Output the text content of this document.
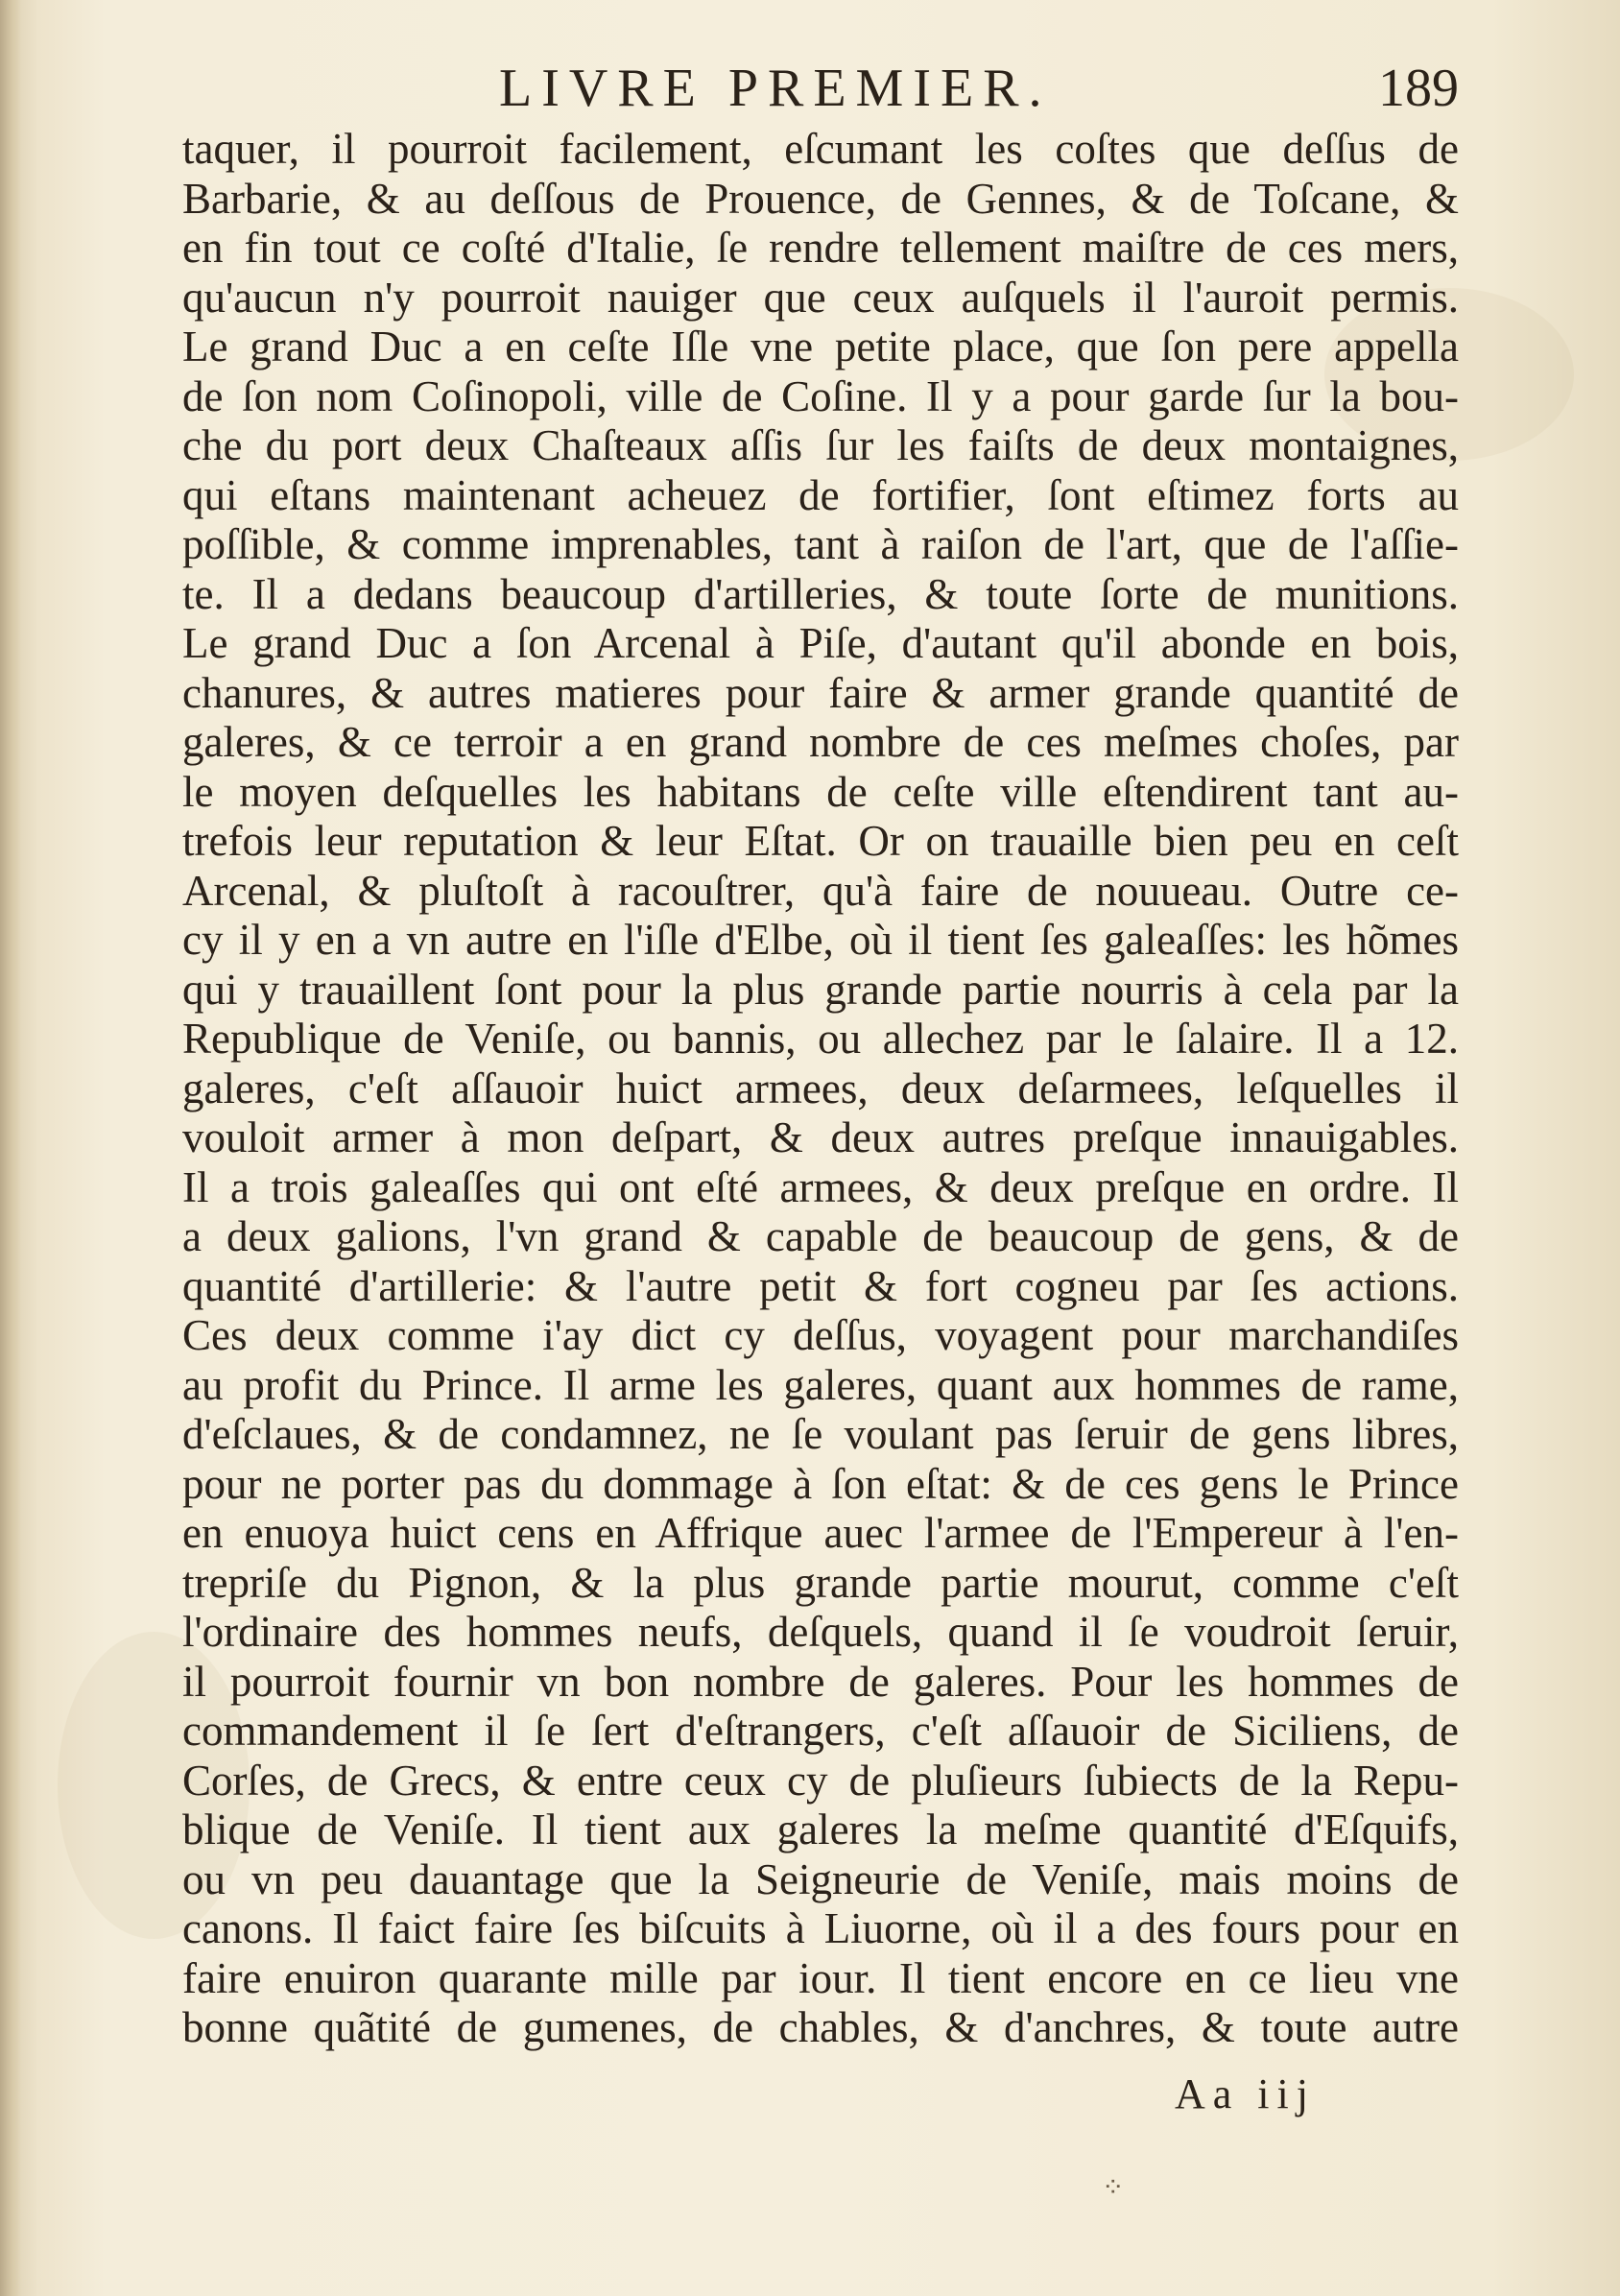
LIVRE PREMIER.	189
taquer, il pourroit facilement, eſcumant les coſtes que deſſus de
Barbarie, & au deſſous de Prouence, de Gennes, & de Toſcane, &
en fin tout ce coſté d'Italie, ſe rendre tellement maiſtre de ces mers,
qu'aucun n'y pourroit nauiger que ceux auſquels il l'auroit permis.
Le grand Duc a en ceſte Iſle vne petite place, que ſon pere appella
de ſon nom Coſinopoli, ville de Coſine. Il y a pour garde ſur la bou-
che du port deux Chaſteaux aſſis ſur les faiſts de deux montaignes,
qui eſtans maintenant acheuez de fortifier, ſont eſtimez forts au
poſſible, & comme imprenables, tant à raiſon de l'art, que de l'aſſie-
te. Il a dedans beaucoup d'artilleries, & toute ſorte de munitions.
Le grand Duc a ſon Arcenal à Piſe, d'autant qu'il abonde en bois,
chanures, & autres matieres pour faire & armer grande quantité de
galeres, & ce terroir a en grand nombre de ces meſmes choſes, par
le moyen deſquelles les habitans de ceſte ville eſtendirent tant au-
trefois leur reputation & leur Eſtat. Or on trauaille bien peu en ceſt
Arcenal, & pluſtoſt à racouſtrer, qu'à faire de nouueau. Outre ce-
cy il y en a vn autre en l'iſle d'Elbe, où il tient ſes galeaſſes: les hõmes
qui y trauaillent ſont pour la plus grande partie nourris à cela par la
Republique de Veniſe, ou bannis, ou allechez par le ſalaire. Il a 12.
galeres, c'eſt aſſauoir huict armees, deux deſarmees, leſquelles il
vouloit armer à mon deſpart, & deux autres preſque innauigables.
Il a trois galeaſſes qui ont eſté armees, & deux preſque en ordre. Il
a deux galions, l'vn grand & capable de beaucoup de gens, & de
quantité d'artillerie: & l'autre petit & fort cogneu par ſes actions.
Ces deux comme i'ay dict cy deſſus, voyagent pour marchandiſes
au profit du Prince. Il arme les galeres, quant aux hommes de rame,
d'eſclaues, & de condamnez, ne ſe voulant pas ſeruir de gens libres,
pour ne porter pas du dommage à ſon eſtat: & de ces gens le Prince
en enuoya huict cens en Affrique auec l'armee de l'Empereur à l'en-
trepriſe du Pignon, & la plus grande partie mourut, comme c'eſt
l'ordinaire des hommes neufs, deſquels, quand il ſe voudroit ſeruir,
il pourroit fournir vn bon nombre de galeres. Pour les hommes de
commandement il ſe ſert d'eſtrangers, c'eſt aſſauoir de Siciliens, de
Corſes, de Grecs, & entre ceux cy de pluſieurs ſubiects de la Repu-
blique de Veniſe. Il tient aux galeres la meſme quantité d'Eſquifs,
ou vn peu dauantage que la Seigneurie de Veniſe, mais moins de
canons. Il faict faire ſes biſcuits à Liuorne, où il a des fours pour en
faire enuiron quarante mille par iour. Il tient encore en ce lieu vne
bonne quãtité de gumenes, de chables, & d'anchres, & toute autre
Aa iij
⁘
